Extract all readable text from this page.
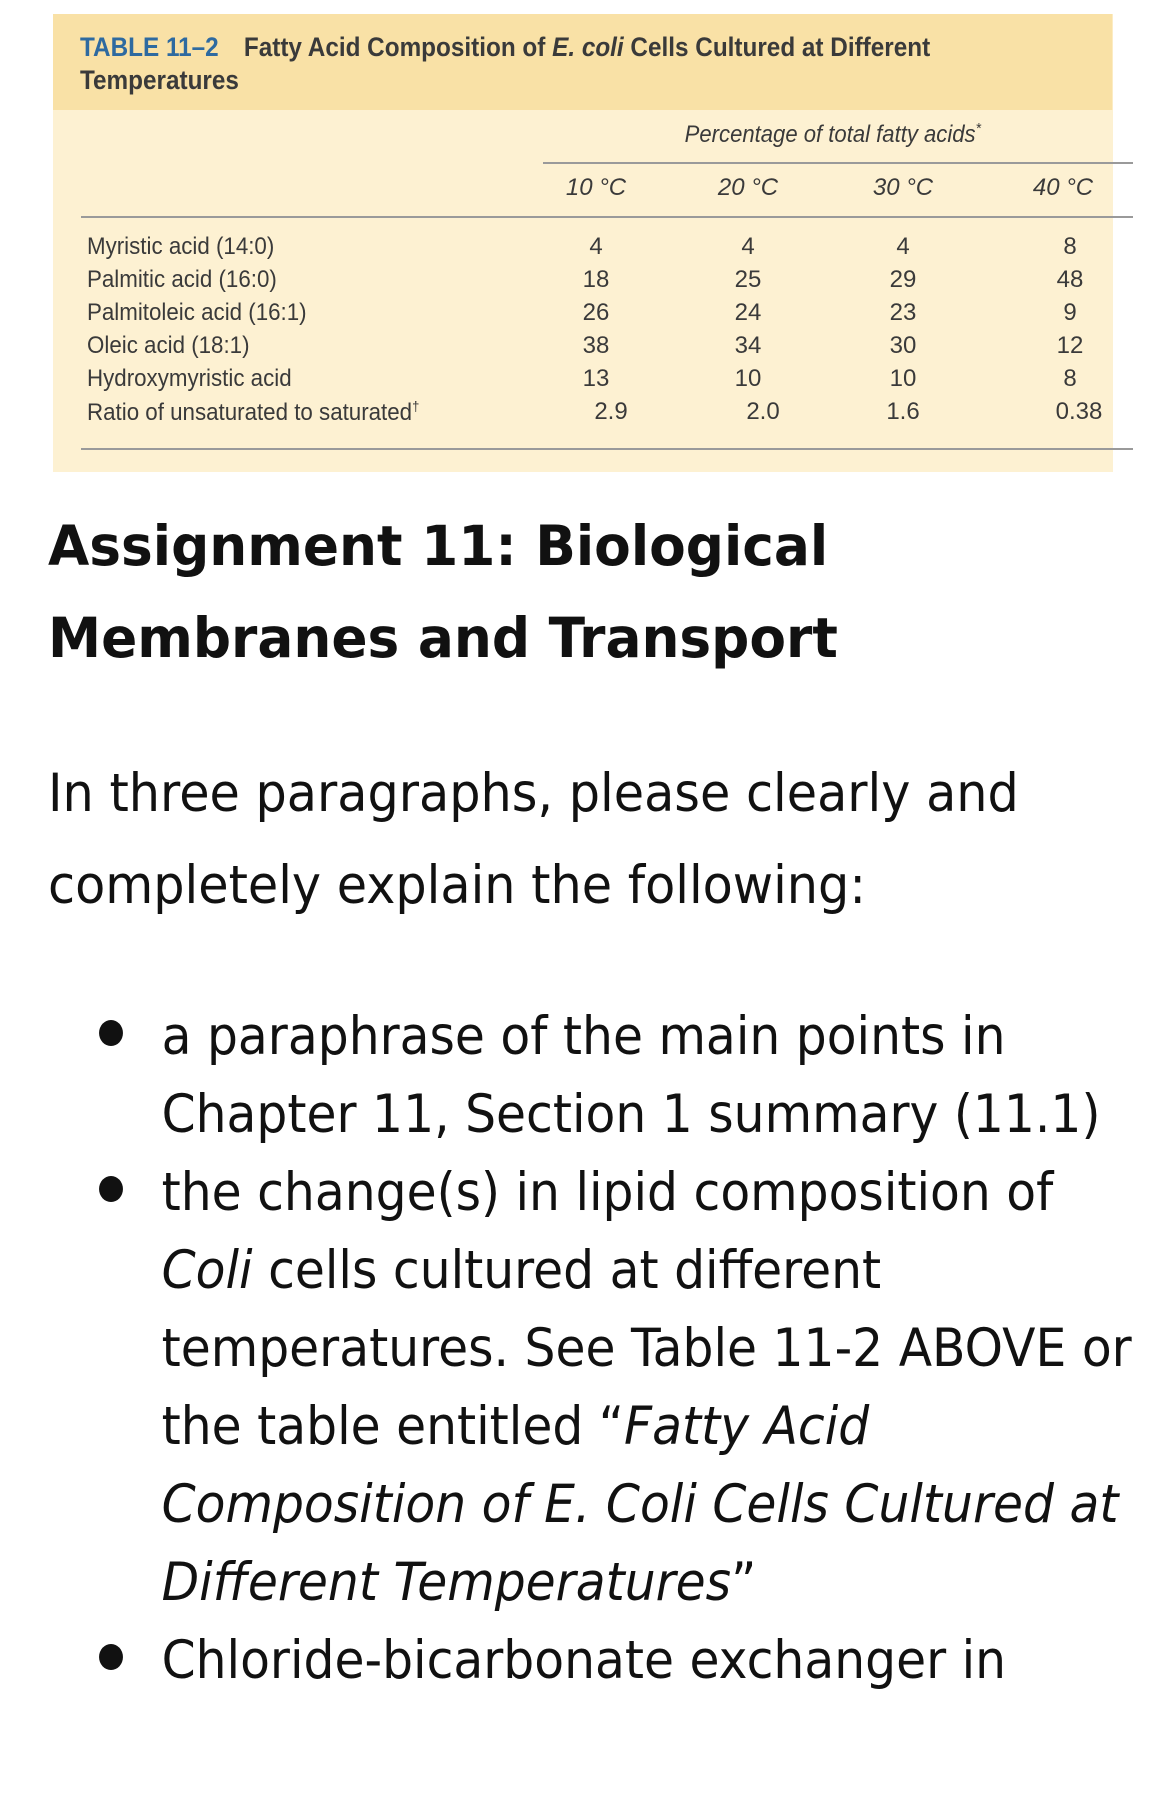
TABLE 11–2 Fatty Acid Composition of E. coli Cells Cultured at Different Temperatures
Percentage of total fatty acids*
10 °C	20 °C	30 °C	40 °C
Myristic acid (14:0)	4	4	4	8
Palmitic acid (16:0)	18	25	29	48
Palmitoleic acid (16:1)	26	24	23	9
Oleic acid (18:1)	38	34	30	12
Hydroxymyristic acid	13	10	10	8
Ratio of unsaturated to saturated†	2.9	2.0	1.6	0.38
Assignment 11: Biological
Membranes and Transport

In three paragraphs, please clearly and
completely explain the following:

a paraphrase of the main points in Chapter 11, Section 1 summary (11.1)
the change(s) in lipid composition of Coli cells cultured at different temperatures. See Table 11-2 ABOVE or the table entitled “Fatty Acid Composition of E. Coli Cells Cultured at Different Temperatures”
Chloride-bicarbonate exchanger in
